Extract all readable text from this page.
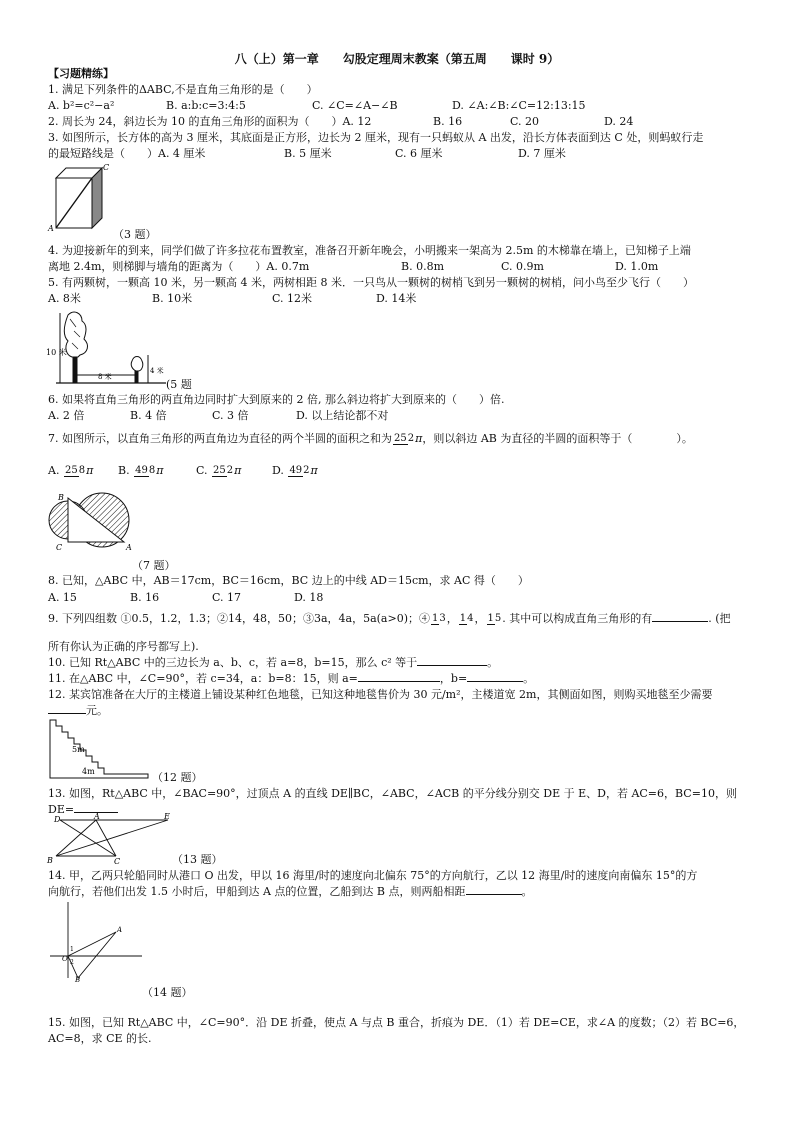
八（上）第一章　　勾股定理周末教案（第五周　　课时 9）
【习题精练】
1. 满足下列条件的ΔABC,不是直角三角形的是（　　）
A. b²=c²−a²	B. a:b:c=3:4:5	C. ∠C=∠A−∠B	D. ∠A:∠B:∠C=12:13:15
2. 周长为 24，斜边长为 10 的直角三角形的面积为（　　）A. 12	B. 16	C. 20	D. 24
3. 如图所示，长方体的高为 3 厘米，其底面是正方形，边长为 2 厘米，现有一只蚂蚁从 A 出发，沿长方体表面到达 C 处，则蚂蚁行走
的最短路线是（　　）A. 4 厘米	B. 5 厘米	C. 6 厘米	D. 7 厘米
A
C
（3 题）
4. 为迎接新年的到来，同学们做了许多拉花布置教室，准备召开新年晚会，小明搬来一架高为 2.5m 的木梯靠在墙上，已知梯子上端
离地 2.4m，则梯脚与墙角的距离为（　　）A. 0.7m	B. 0.8m	C. 0.9m	D. 1.0m
5. 有两颗树，一颗高 10 米，另一颗高 4 米，两树相距 8 米．一只鸟从一颗树的树梢飞到另一颗树的树梢，问小鸟至少飞行（　　）
A. 8米	B. 10米	C. 12米	D. 14米
10 米
8 米
4 米
(5 题
6. 如果将直角三角形的两直角边同时扩大到原来的 2 倍, 那么斜边将扩大到原来的（　　）倍.
A. 2 倍	B. 4 倍	C. 3 倍	D. 以上结论都不对
7. 如图所示，以直角三角形的两直角边为直径的两个半圆的面积之和为 252π，则以斜边 AB 为直径的半圆的面积等于（　　　　）。
A. 258π B. 498π	C. 252π	D. 492π
B
C	A
（7 题）
8. 已知，△ABC 中，AB＝17cm，BC＝16cm，BC 边上的中线 AD＝15cm，求 AC 得（　　）
A. 15	B. 16	C. 17	D. 18
9. 下列四组数 ①0.5，1.2，1.3；②14，48，50；③3a，4a，5a(a>0)；④ 13， 14， 15. 其中可以构成直角三角形的有	. (把
所有你认为正确的序号都写上).
10. 已知 Rt△ABC 中的三边长为 a、b、c，若 a=8，b=15，那么 c² 等于	。
11. 在△ABC 中，∠C=90°，若 c=34，a：b=8：15，则 a=	，b=	。
12. 某宾馆准备在大厅的主楼道上铺设某种红色地毯，已知这种地毯售价为 30 元/m²，主楼道宽 2m，其侧面如图，则购买地毯至少需要
元。
5m
4m	（12 题）
13. 如图，Rt△ABC 中，∠BAC=90°，过顶点 A 的直线 DE∥BC，∠ABC，∠ACB 的平分线分别交 DE 于 E、D，若 AC=6，BC=10，则
DE=
D	A	E
B	C	（13 题）
14. 甲，乙两只轮船同时从港口 O 出发，甲以 16 海里/时的速度向北偏东 75°的方向航行，乙以 12 海里/时的速度向南偏东 15°的方
向航行，若他们出发 1.5 小时后，甲船到达 A 点的位置，乙船到达 B 点，则两船相距	。
A
O
B
1
2
（14 题）
15. 如图，已知 Rt△ABC 中，∠C=90°．沿 DE 折叠，使点 A 与点 B 重合，折痕为 DE．（1）若 DE=CE，求∠A 的度数；（2）若 BC=6，
AC=8，求 CE 的长.
